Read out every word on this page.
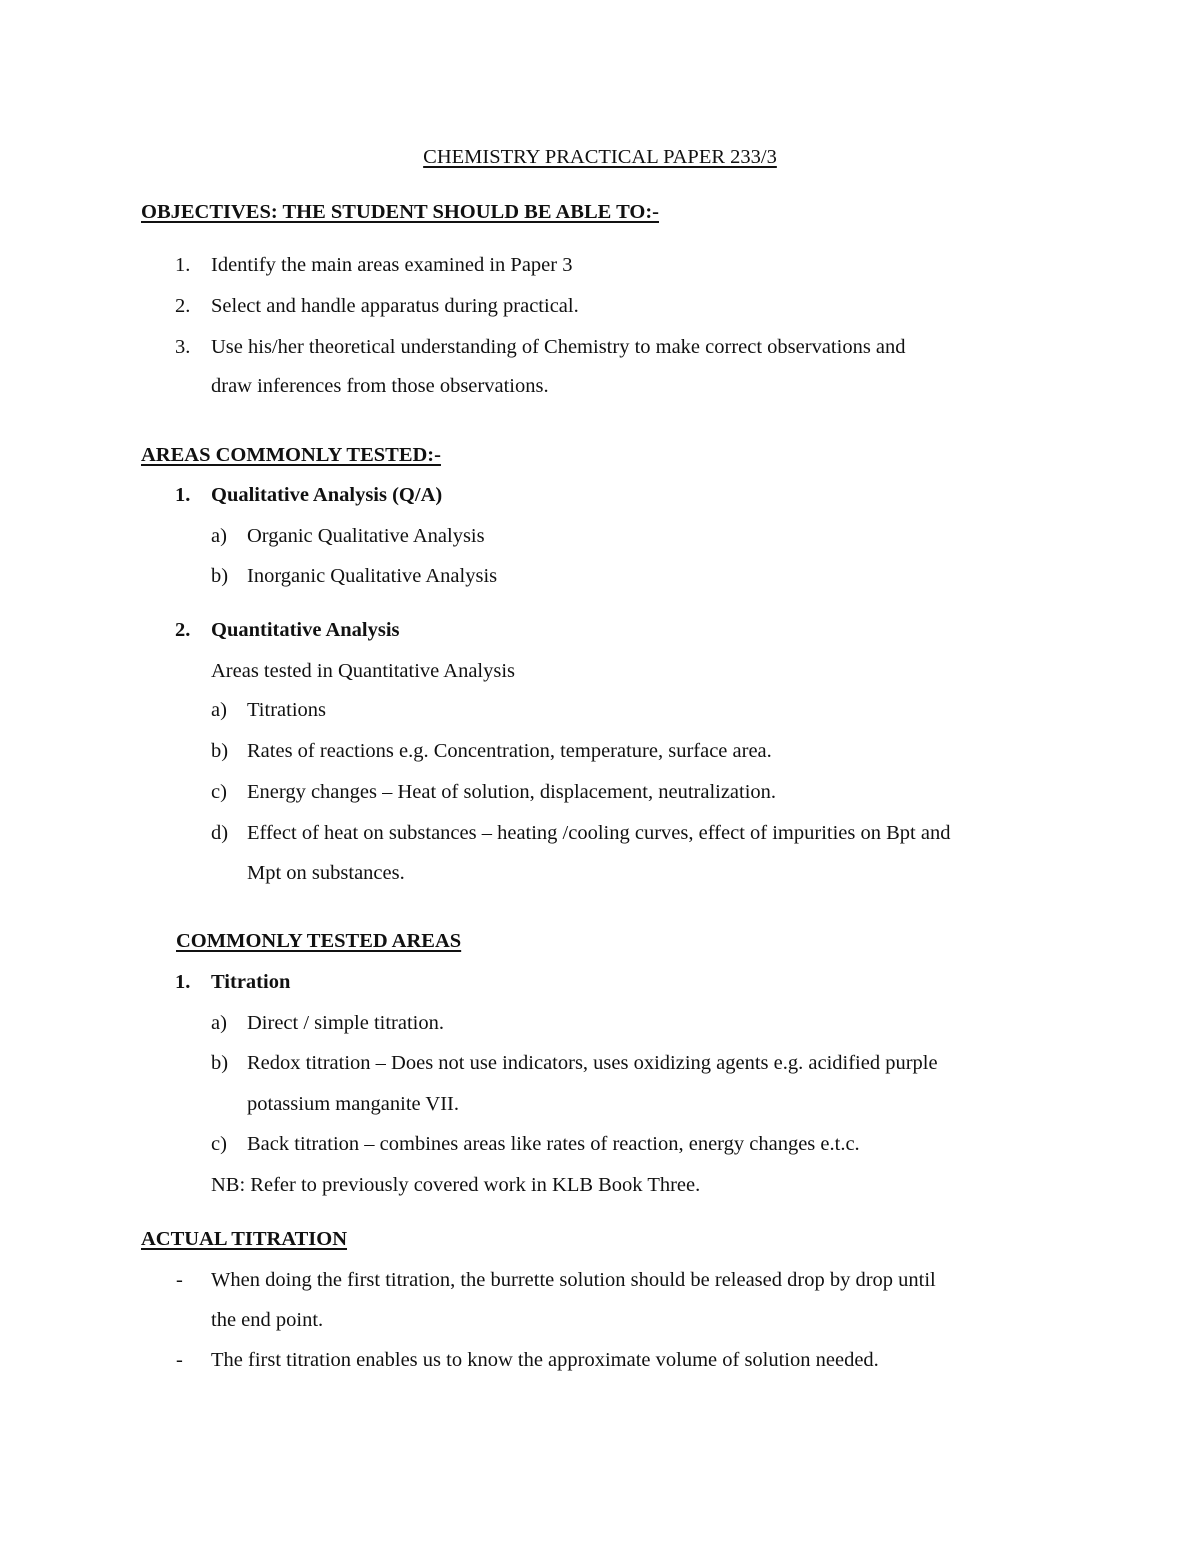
CHEMISTRY PRACTICAL PAPER 233/3
OBJECTIVES: THE STUDENT SHOULD BE ABLE TO:-
1. Identify the main areas examined in Paper 3
2. Select and handle apparatus during practical.
3. Use his/her theoretical understanding of Chemistry to make correct observations and
draw inferences from those observations.
AREAS COMMONLY TESTED:-
1. Qualitative Analysis (Q/A)
a) Organic Qualitative Analysis
b) Inorganic Qualitative Analysis
2. Quantitative Analysis
Areas tested in Quantitative Analysis
a) Titrations
b) Rates of reactions e.g. Concentration, temperature, surface area.
c) Energy changes – Heat of solution, displacement, neutralization.
d) Effect of heat on substances – heating /cooling curves, effect of impurities on Bpt and
Mpt on substances.
COMMONLY TESTED AREAS
1. Titration
a) Direct / simple titration.
b) Redox titration – Does not use indicators, uses oxidizing agents e.g. acidified purple
potassium manganite VII.
c) Back titration – combines areas like rates of reaction, energy changes e.t.c.
NB: Refer to previously covered work in KLB Book Three.
ACTUAL TITRATION
- When doing the first titration, the burrette solution should be released drop by drop until
the end point.
- The first titration enables us to know the approximate volume of solution needed.
